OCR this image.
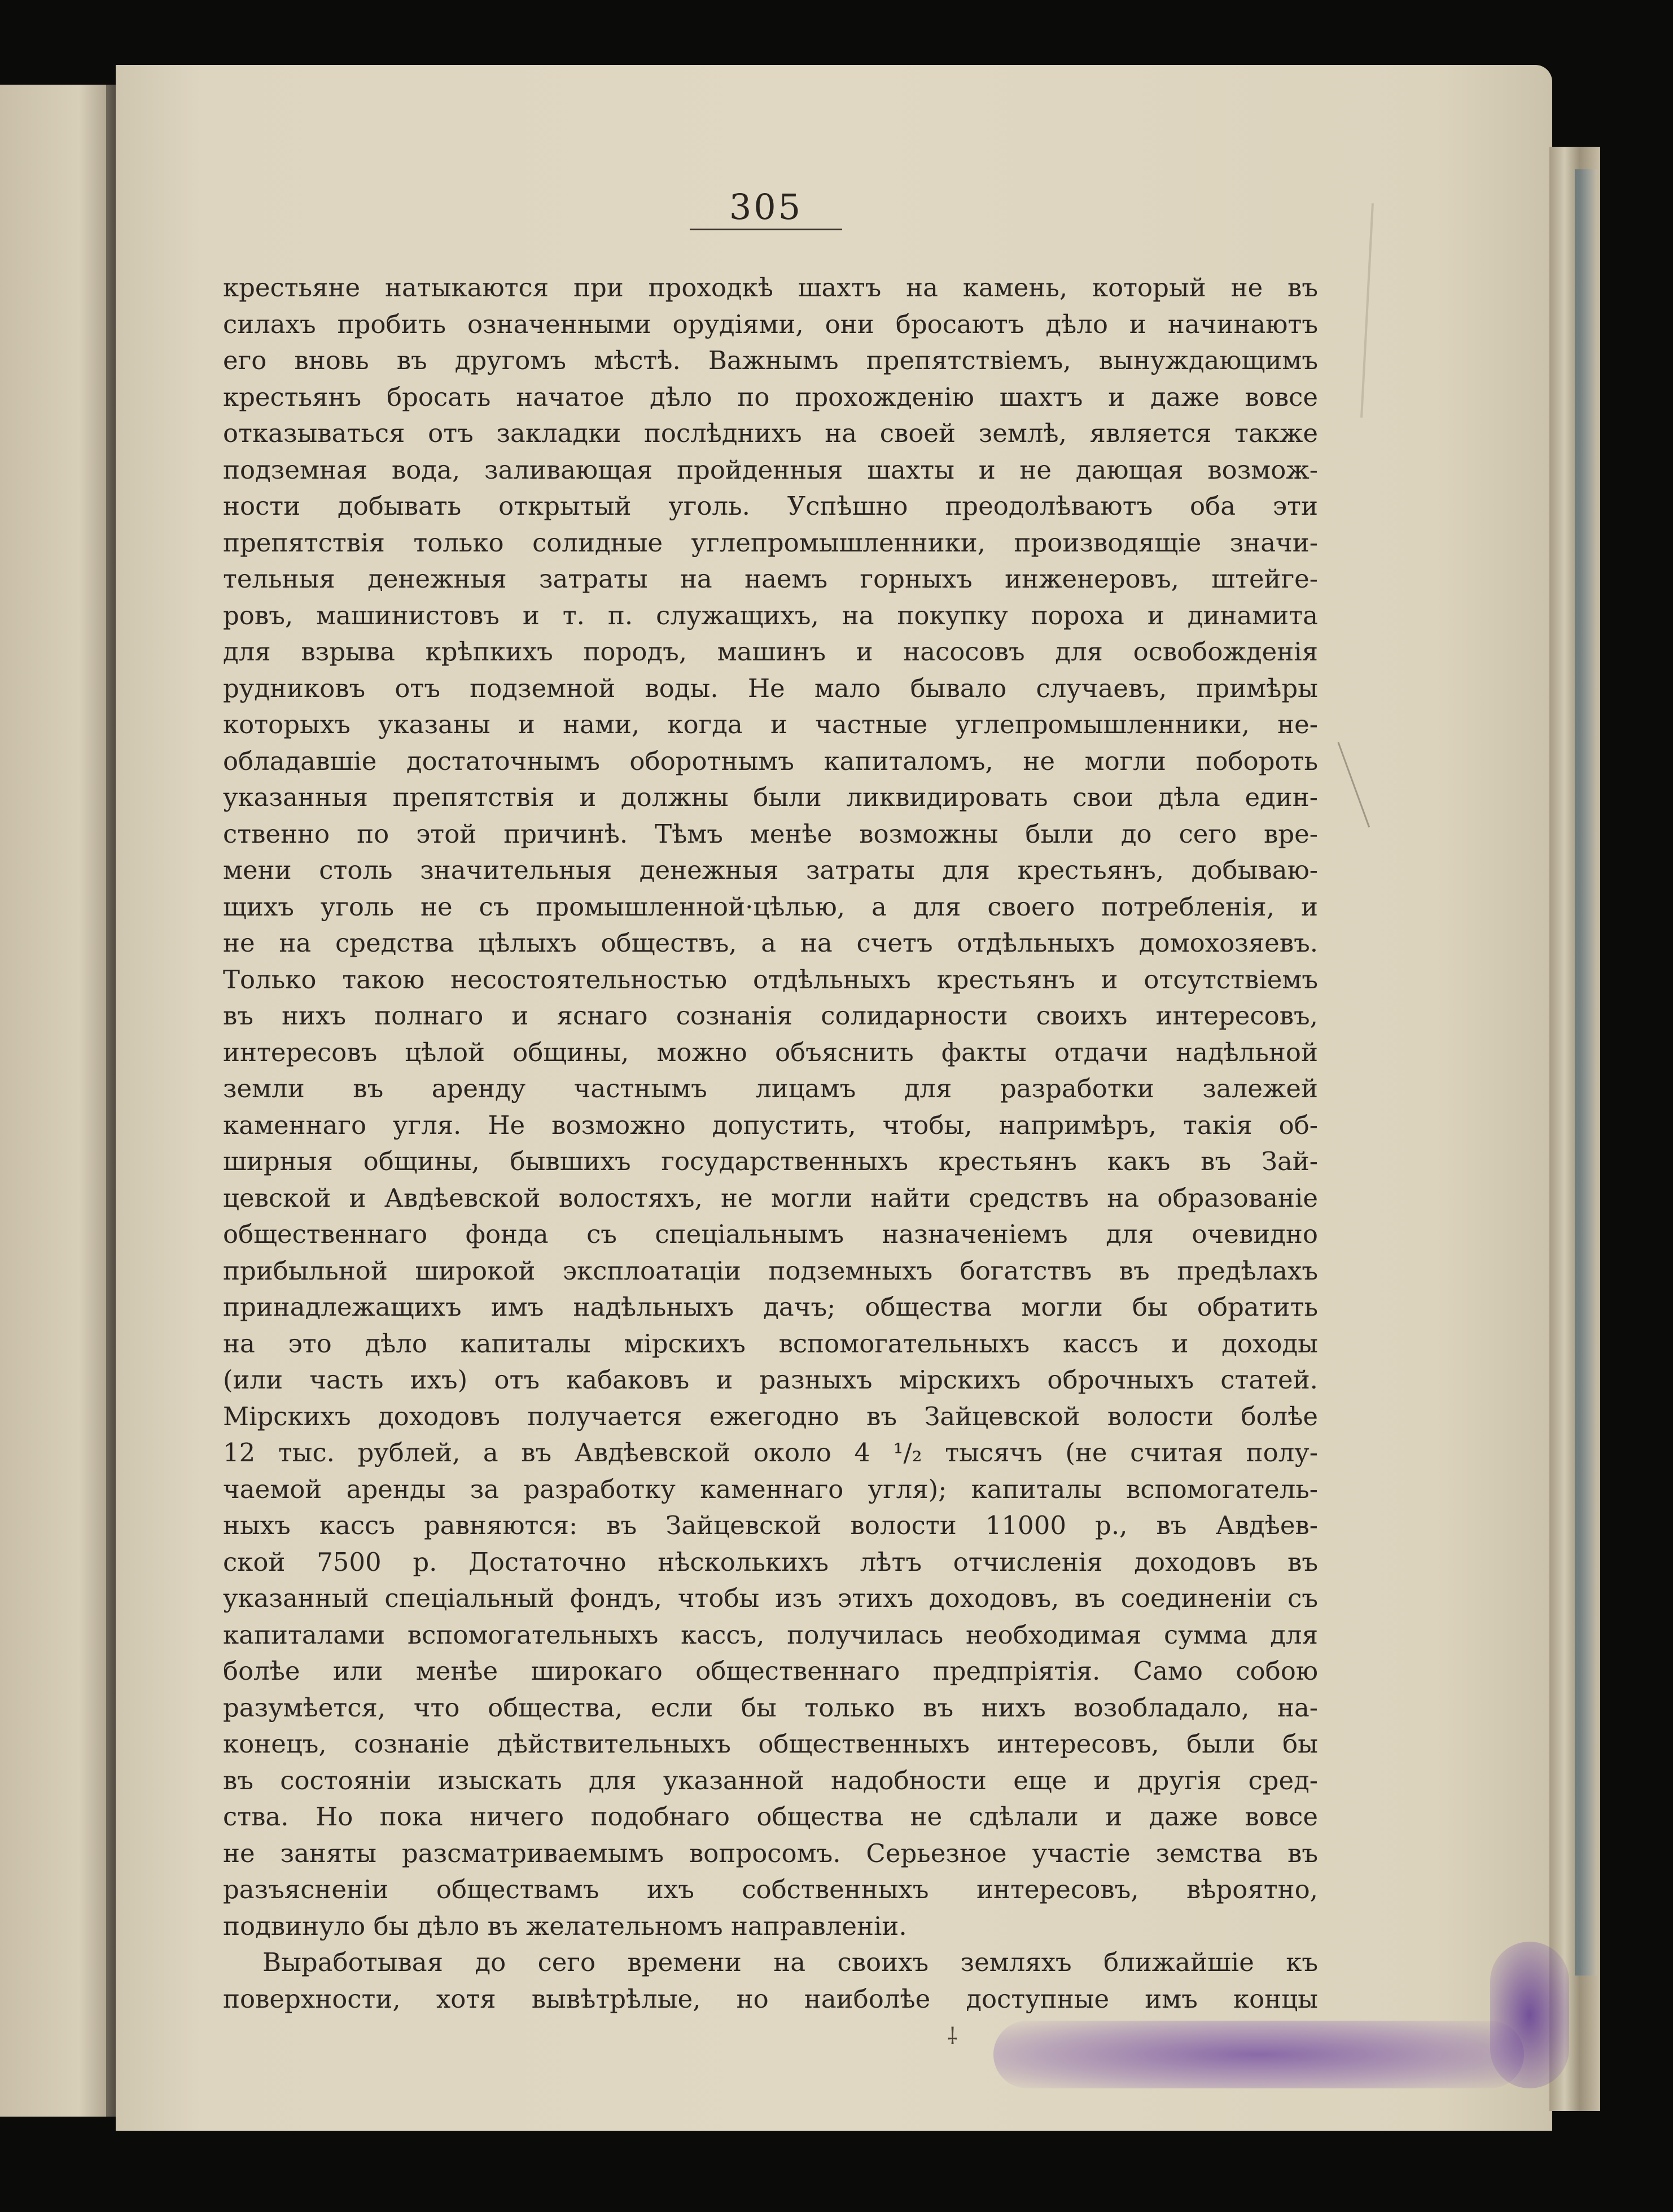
305
крестьяне натыкаются при проходкѣ шахтъ на камень, который не въ
силахъ пробить означенными орудіями, они бросаютъ дѣло и начинаютъ
его вновь въ другомъ мѣстѣ. Важнымъ препятствіемъ, вынуждающимъ
крестьянъ бросать начатое дѣло по прохожденію шахтъ и даже вовсе
отказываться отъ закладки послѣднихъ на своей землѣ, является также
подземная вода, заливающая пройденныя шахты и не дающая возмож-
ности добывать открытый уголь. Успѣшно преодолѣваютъ оба эти
препятствія только солидные углепромышленники, производящіе значи-
тельныя денежныя затраты на наемъ горныхъ инженеровъ, штейге-
ровъ, машинистовъ и т. п. служащихъ, на покупку пороха и динамита
для взрыва крѣпкихъ породъ, машинъ и насосовъ для освобожденія
рудниковъ отъ подземной воды. Не мало бывало случаевъ, примѣры
которыхъ указаны и нами, когда и частные углепромышленники, не-
обладавшіе достаточнымъ оборотнымъ капиталомъ, не могли побороть
указанныя препятствія и должны были ликвидировать свои дѣла един-
ственно по этой причинѣ. Тѣмъ менѣе возможны были до сего вре-
мени столь значительныя денежныя затраты для крестьянъ, добываю-
щихъ уголь не съ промышленной·цѣлью, а для своего потребленія, и
не на средства цѣлыхъ обществъ, а на счетъ отдѣльныхъ домохозяевъ.
Только такою несостоятельностью отдѣльныхъ крестьянъ и отсутствіемъ
въ нихъ полнаго и яснаго сознанія солидарности своихъ интересовъ,
интересовъ цѣлой общины, можно объяснить факты отдачи надѣльной
земли въ аренду частнымъ лицамъ для разработки залежей
каменнаго угля. Не возможно допустить, чтобы, напримѣръ, такія об-
ширныя общины, бывшихъ государственныхъ крестьянъ какъ въ Зай-
цевской и Авдѣевской волостяхъ, не могли найти средствъ на образованіе
общественнаго фонда съ спеціальнымъ назначеніемъ для очевидно
прибыльной широкой эксплоатаціи подземныхъ богатствъ въ предѣлахъ
принадлежащихъ имъ надѣльныхъ дачъ; общества могли бы обратить
на это дѣло капиталы мірскихъ вспомогательныхъ кассъ и доходы
(или часть ихъ) отъ кабаковъ и разныхъ мірскихъ оброчныхъ статей.
Мірскихъ доходовъ получается ежегодно въ Зайцевской волости болѣе
12 тыс. рублей, а въ Авдѣевской около 4 ¹/₂ тысячъ (не считая полу-
чаемой аренды за разработку каменнаго угля); капиталы вспомогатель-
ныхъ кассъ равняются: въ Зайцевской волости 11000 р., въ Авдѣев-
ской 7500 р. Достаточно нѣсколькихъ лѣтъ отчисленія доходовъ въ
указанный спеціальный фондъ, чтобы изъ этихъ доходовъ, въ соединеніи съ
капиталами вспомогательныхъ кассъ, получилась необходимая сумма для
болѣе или менѣе широкаго общественнаго предпріятія. Само собою
разумѣется, что общества, если бы только въ нихъ возобладало, на-
конецъ, сознаніе дѣйствительныхъ общественныхъ интересовъ, были бы
въ состояніи изыскать для указанной надобности еще и другія сред-
ства. Но пока ничего подобнаго общества не сдѣлали и даже вовсе
не заняты разсматриваемымъ вопросомъ. Серьезное участіе земства въ
разъясненіи обществамъ ихъ собственныхъ интересовъ, вѣроятно,
подвинуло бы дѣло въ желательномъ направленіи.
Выработывая до сего времени на своихъ земляхъ ближайшіе къ
поверхности, хотя вывѣтрѣлые, но наиболѣе доступные имъ концы
⸸
